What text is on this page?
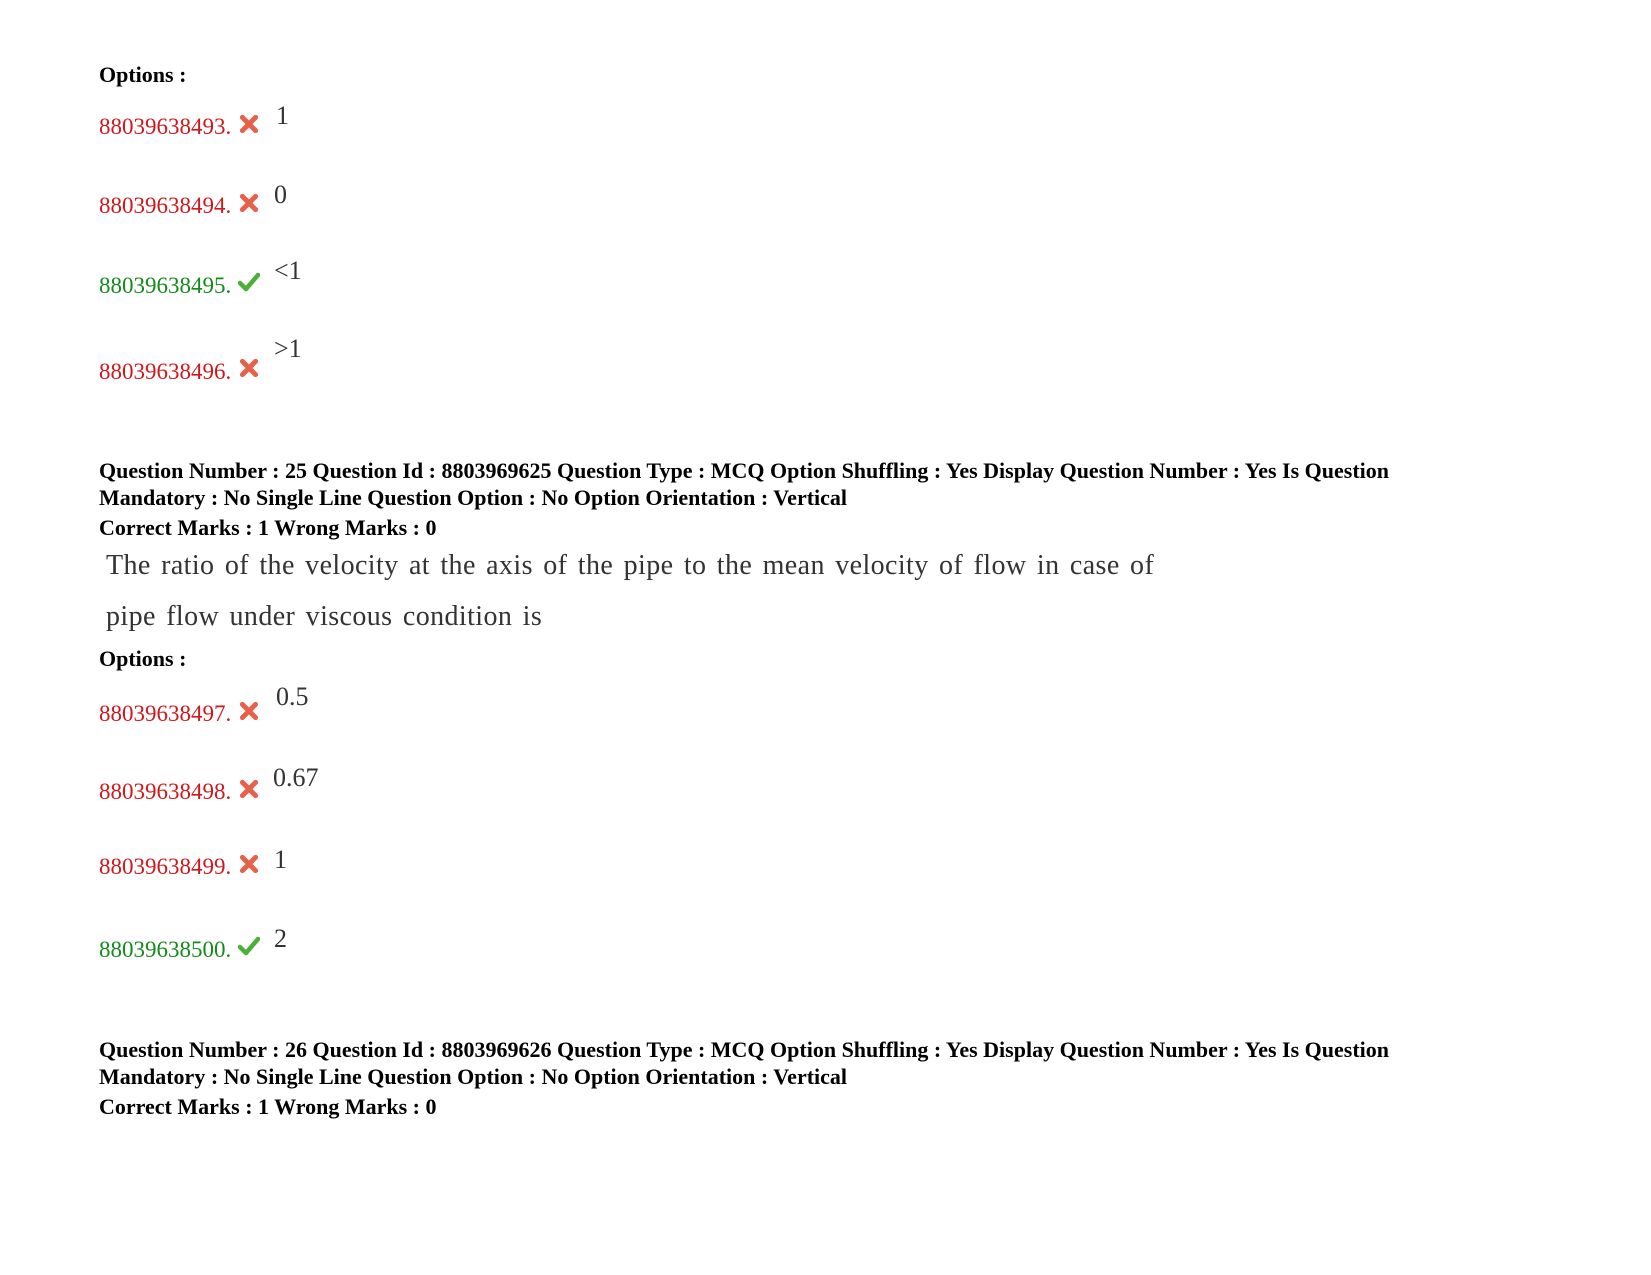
Options :
88039638493. 1
88039638494. 0
88039638495.
<1
88039638496.
>1
Question Number : 25 Question Id : 8803969625 Question Type : MCQ Option Shuffling : Yes Display Question Number : Yes Is Question
Mandatory : No Single Line Question Option : No Option Orientation : Vertical
Correct Marks : 1 Wrong Marks : 0
The ratio of the velocity at the axis of the pipe to the mean velocity of flow in case of
pipe flow under viscous condition is
Options :
88039638497.
0.5
88039638498. 0.67
88039638499. 1
88039638500. 2
Question Number : 26 Question Id : 8803969626 Question Type : MCQ Option Shuffling : Yes Display Question Number : Yes Is Question
Mandatory : No Single Line Question Option : No Option Orientation : Vertical
Correct Marks : 1 Wrong Marks : 0
